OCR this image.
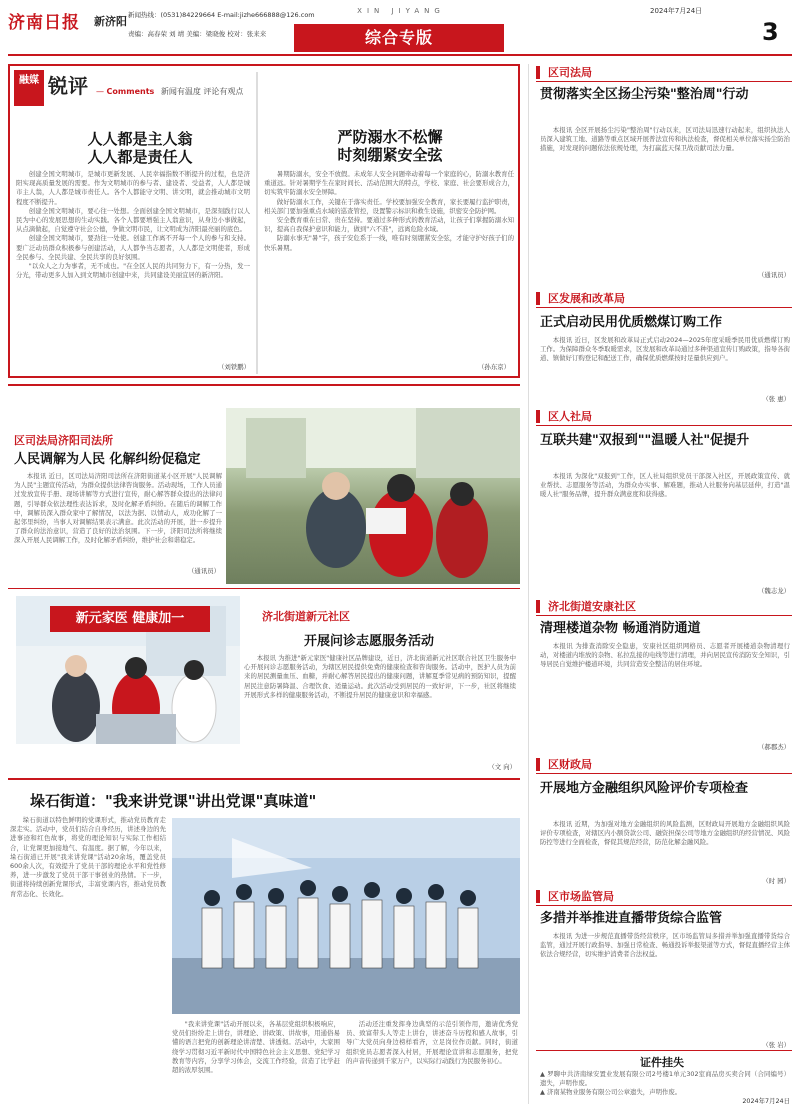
济南日报 新济阳 新闻热线：(0531)84229664 E-mail:jizhe666888@126.com
责编：高春荣 刘 靖 美编：梁晓俊 校对：张来来
XIN JIYANG
综合专版
2024年7月24日
3
融媒 锐评 — Comments 新闻有温度 评论有观点
人人都是主人翁
人人都是责任人

创建全国文明城市，是城市更新发展、人民幸福指数不断提升的过程，也是济阳实现高质量发展的需要。作为文明城市的参与者、建设者、受益者，人人都是城市主人翁，人人都是城市责任人。各个人都能守文明、讲文明，就会推动城市文明程度不断提升。

创建全国文明城市，要心往一处想。全面创建全国文明城市，是深刻践行以人民为中心的发展思想的生动实践。各个人都要增强主人翁意识，从身边小事做起，从点滴做起，自觉遵守社会公德，争做文明市民，让文明成为济阳最亮丽的底色。

创建全国文明城市，要劲往一处使。创建工作离不开每一个人的参与和支持。要广泛动员群众积极参与创建活动，人人都争当志愿者，人人都是文明使者，形成全民参与、全民共建、全民共享的良好氛围。

"以众人之力为事者，无不成也。"在全区人民的共同努力下，有一分热，发一分光，带动更多人加入到文明城市创建中来，共同建设美丽宜居的新济阳。

（刘铁鹏）
严防溺水不松懈
时刻绷紧安全弦

暑期防溺水，安全不放假。未成年人安全问题牵动着每一个家庭的心，防溺水教育任重道远。针对暑期学生在家时间长、活动范围大的特点，学校、家庭、社会要形成合力，切实筑牢防溺水安全屏障。

做好防溺水工作，关键在于落实责任。学校要加强安全教育，家长要履行监护职责，相关部门要加强重点水域的巡查管控，设置警示标识和救生设施，织密安全防护网。

安全教育重在日常、贵在坚持。要通过多种形式的教育活动，让孩子们掌握防溺水知识，提高自我保护意识和能力，做到"六不准"，远离危险水域。

防溺水事无"暑"字，孩子安危系于一线，唯有时刻绷紧安全弦，才能守护好孩子们的快乐暑期。

（孙东京）
区司法局济阳司法所
人民调解为人民 化解纠纷促稳定

本报讯 近日，区司法局济阳司法所在济阳街道某小区开展"人民调解为人民"主题宣传活动，为群众提供法律咨询服务。活动现场，工作人员通过发放宣传手册、现场讲解等方式进行宣传，耐心解答群众提出的法律问题，引导群众依法理性表达诉求，及时化解矛盾纠纷。在随后的调解工作中，调解员深入群众家中了解情况，以法为据、以情动人，成功化解了一起邻里纠纷，当事人对调解结果表示满意。此次活动的开展，进一步提升了群众的法治意识，营造了良好的法治氛围。下一步，济阳司法所将继续深入开展人民调解工作，及时化解矛盾纠纷，维护社会和谐稳定。

（通讯员）
新元家医 健康加一	济北街道新元社区
开展问诊志愿服务活动

本报讯 为推进"新元家医"健康社区品牌建设，近日，济北街道新元社区联合社区卫生服务中心开展问诊志愿服务活动，为辖区居民提供免费的健康检查和咨询服务。活动中，医护人员为前来的居民测量血压、血糖，并耐心解答居民提出的健康问题，讲解夏季常见病的预防知识，提醒居民注意防暑降温、合理饮食、适量运动。此次活动受到居民的一致好评，下一步，社区将继续开展形式多样的健康服务活动，不断提升居民的健康意识和幸福感。

（文 向）
垛石街道："我来讲党课"讲出党课"真味道"

垛石街道以特色鲜明的党课形式，推动党员教育走深走实。活动中，党员们结合自身经历，讲述身边的先进事迹和红色故事，将党的理论知识与实际工作相结合，让党课更加接地气、有温度。据了解，今年以来，垛石街道已开展"我来讲党课"活动20余场，覆盖党员600余人次，有效提升了党员干部的理论水平和党性修养，进一步激发了党员干部干事创业的热情。下一步，街道将持续创新党课形式，丰富党课内容，推动党员教育常态化、长效化。

"我来讲党课"活动开展以来，各基层党组织积极响应，党员们纷纷走上讲台，讲理论、讲政策、讲故事，用通俗易懂的语言把党的创新理论讲清楚、讲透彻。活动中，大家围绕学习贯彻习近平新时代中国特色社会主义思想、党纪学习教育等内容，分享学习体会，交流工作经验，营造了比学赶超的浓厚氛围。

活动还注重发挥身边典型的示范引领作用，邀请优秀党员、致富带头人等走上讲台，讲述奋斗历程和感人故事，引导广大党员向身边榜样看齐，立足岗位作贡献。同时，街道组织党员志愿者深入村居，开展理论宣讲和志愿服务，把党的声音传递到千家万户，以实际行动践行为民服务初心。

区司法局
贯彻落实全区扬尘污染"整治周"行动

本报讯 全区开展扬尘污染"整治周"行动以来，区司法局迅速行动起来，组织执法人员深入建筑工地、道路等重点区域开展普法宣传和执法检查，督促相关单位落实扬尘防治措施，对发现的问题依法依规处理，为打赢蓝天保卫战贡献司法力量。

（通讯员）
区发展和改革局
正式启动民用优质燃煤订购工作

本报讯 近日，区发展和改革局正式启动2024—2025年度采暖季民用优质燃煤订购工作。为保障群众冬季取暖需求，区发展和改革局通过多种渠道宣传订购政策，指导各街道、镇做好订购登记和配送工作，确保优质燃煤按时足量供应到户。

（张 惠）
区人社局
互联共建"双报到""温暖人社"促提升

本报讯 为深化"双报到"工作，区人社局组织党员干部深入社区，开展政策宣传、就业帮扶、志愿服务等活动，为群众办实事、解难题，推动人社服务向基层延伸，打造"温暖人社"服务品牌，提升群众满意度和获得感。

（魏志龙）
济北街道安康社区
清理楼道杂物 畅通消防通道

本报讯 为排查消除安全隐患，安康社区组织网格员、志愿者开展楼道杂物清理行动，对楼道内堆放的杂物、私拉乱接的电线等进行清理，并向居民宣传消防安全知识，引导居民自觉维护楼道环境，共同营造安全整洁的居住环境。

（郝郡杰）
区财政局
开展地方金融组织风险评价专项检查

本报讯 近期，为加强对地方金融组织的风险监测，区财政局开展地方金融组织风险评价专项检查，对辖区内小额贷款公司、融资担保公司等地方金融组织的经营情况、风险防控等进行全面检查，督促其规范经营，防范化解金融风险。

（时 园）
区市场监管局
多措并举推进直播带货综合监管

本报讯 为进一步规范直播带货经营秩序，区市场监管局多措并举加强直播带货综合监管，通过开展行政指导、加强日常检查、畅通投诉举报渠道等方式，督促直播经营主体依法合规经营，切实维护消费者合法权益。

（张 岩）
证件挂失
▲ 罗聊中共济南绿安置业发展有限公司2号楼1单元302室商品房买卖合同（合同编号）遗失，声明作废。
▲ 济南某物业服务有限公司公章遗失，声明作废。
2024年7月24日
